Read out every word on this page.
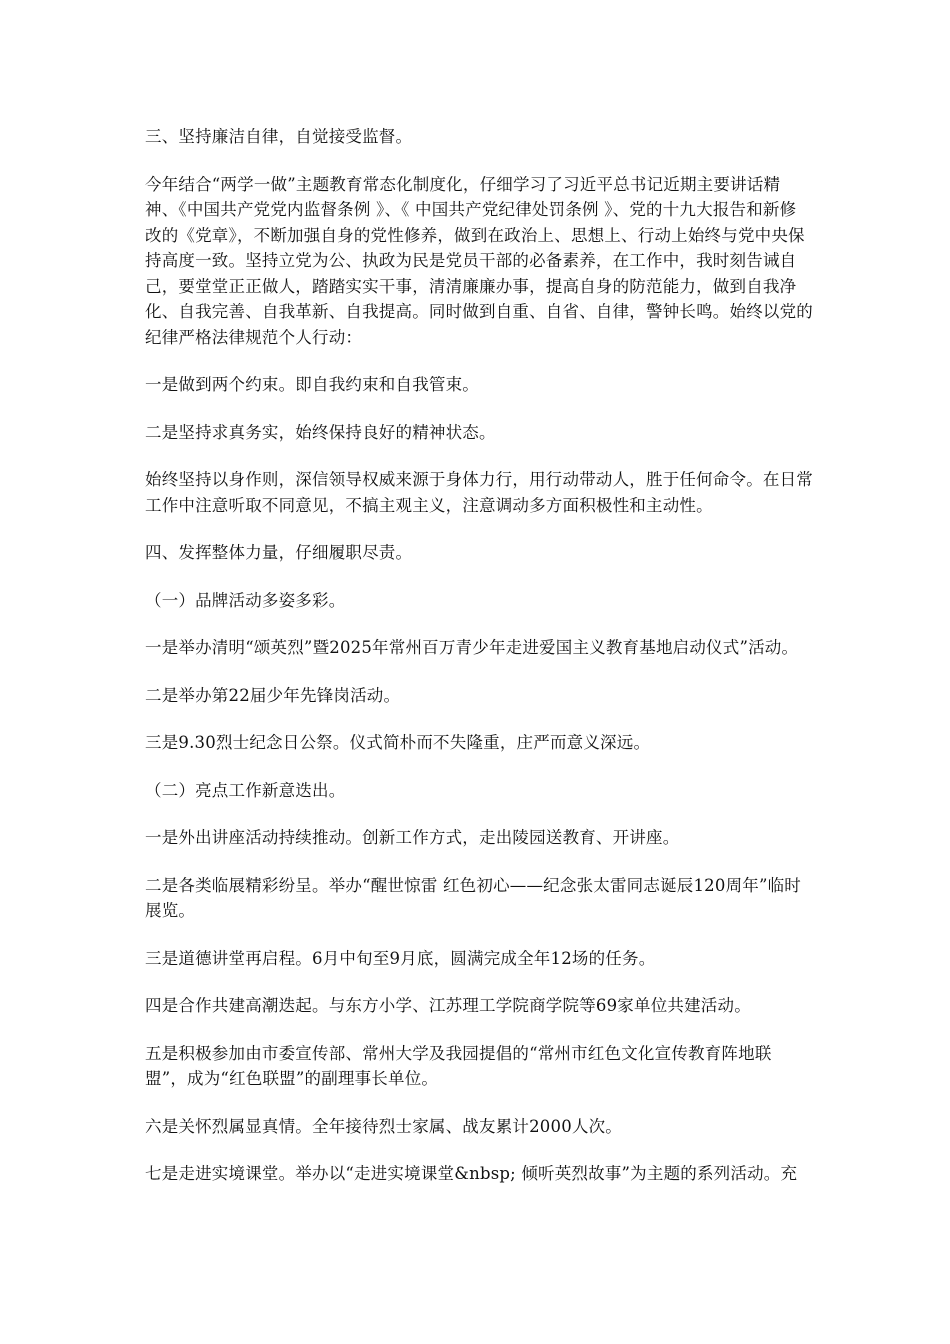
三、坚持廉洁自律，自觉接受监督。

今年结合“两学一做”主题教育常态化制度化，仔细学习了习近平总书记近期主要讲话精神、《中国共产党党内监督条例 》、《 中国共产党纪律处罚条例 》、党的十九大报告和新修改的《党章》，不断加强自身的党性修养，做到在政治上、思想上、行动上始终与党中央保持高度一致。坚持立党为公、执政为民是党员干部的必备素养，在工作中，我时刻告诫自己，要堂堂正正做人，踏踏实实干事，清清廉廉办事，提高自身的防范能力，做到自我净化、自我完善、自我革新、自我提高。同时做到自重、自省、自律，警钟长鸣。始终以党的纪律严格法律规范个人行动：

一是做到两个约束。即自我约束和自我管束。

二是坚持求真务实，始终保持良好的精神状态。

始终坚持以身作则，深信领导权威来源于身体力行，用行动带动人，胜于任何命令。在日常工作中注意听取不同意见，不搞主观主义，注意调动多方面积极性和主动性。

四、发挥整体力量，仔细履职尽责。

（一）品牌活动多姿多彩。

一是举办清明“颂英烈”暨2025年常州百万青少年走进爱国主义教育基地启动仪式”活动。

二是举办第22届少年先锋岗活动。

三是9.30烈士纪念日公祭。仪式简朴而不失隆重，庄严而意义深远。

（二）亮点工作新意迭出。

一是外出讲座活动持续推动。创新工作方式，走出陵园送教育、开讲座。

二是各类临展精彩纷呈。举办“醒世惊雷 红色初心——纪念张太雷同志诞辰120周年”临时展览。

三是道德讲堂再启程。6月中旬至9月底，圆满完成全年12场的任务。

四是合作共建高潮迭起。与东方小学、江苏理工学院商学院等69家单位共建活动。

五是积极参加由市委宣传部、常州大学及我园提倡的“常州市红色文化宣传教育阵地联盟”，成为“红色联盟”的副理事长单位。

六是关怀烈属显真情。全年接待烈士家属、战友累计2000人次。

七是走进实境课堂。举办以“走进实境课堂&nbsp; 倾听英烈故事”为主题的系列活动。充
